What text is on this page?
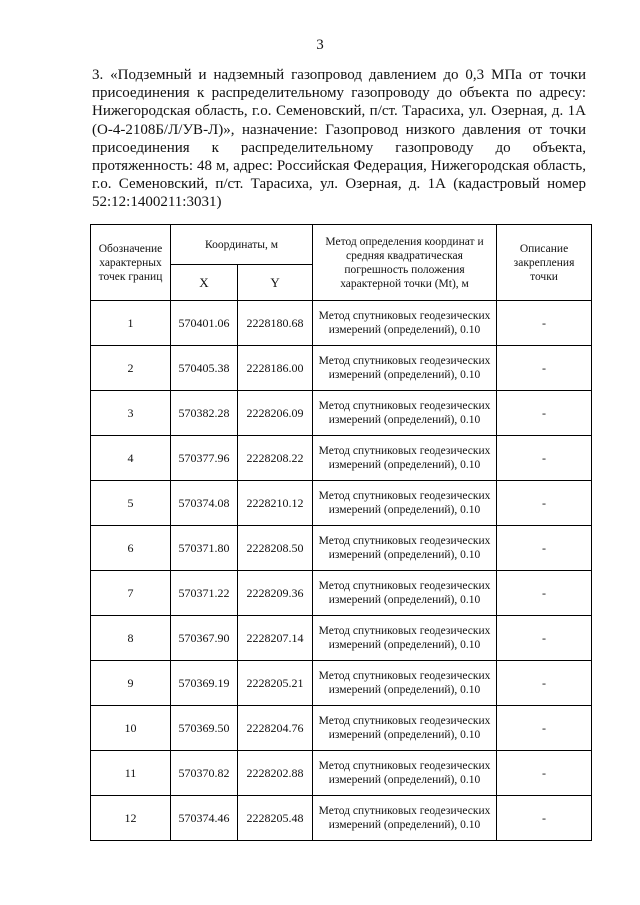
3
3. «Подземный и надземный газопровод давлением до 0,3 МПа от точки присоединения к распределительному газопроводу до объекта по адресу: Нижегородская область, г.о. Семеновский, п/ст. Тарасиха, ул. Озерная, д. 1А (О-4-2108Б/Л/УВ-Л)», назначение: Газопровод низкого давления от точки присоединения к распределительному газопроводу до объекта, протяженность: 48 м, адрес: Российская Федерация, Нижегородская область, г.о. Семеновский, п/ст. Тарасиха, ул. Озерная, д. 1А (кадастровый номер 52:12:1400211:3031)
Обозначение характерных точек границ	Координаты, м		Метод определения координат и средняя квадратическая погрешность положения характерной точки (Mt), м	Описание закрепления точки

	X	Y		
1	570401.06	2228180.68	Метод спутниковых геодезических измерений (определений), 0.10	-
2	570405.38	2228186.00	Метод спутниковых геодезических измерений (определений), 0.10	-
3	570382.28	2228206.09	Метод спутниковых геодезических измерений (определений), 0.10	-
4	570377.96	2228208.22	Метод спутниковых геодезических измерений (определений), 0.10	-
5	570374.08	2228210.12	Метод спутниковых геодезических измерений (определений), 0.10	-
6	570371.80	2228208.50	Метод спутниковых геодезических измерений (определений), 0.10	-
7	570371.22	2228209.36	Метод спутниковых геодезических измерений (определений), 0.10	-
8	570367.90	2228207.14	Метод спутниковых геодезических измерений (определений), 0.10	-
9	570369.19	2228205.21	Метод спутниковых геодезических измерений (определений), 0.10	-
10	570369.50	2228204.76	Метод спутниковых геодезических измерений (определений), 0.10	-
11	570370.82	2228202.88	Метод спутниковых геодезических измерений (определений), 0.10	-
12	570374.46	2228205.48	Метод спутниковых геодезических измерений (определений), 0.10	-
